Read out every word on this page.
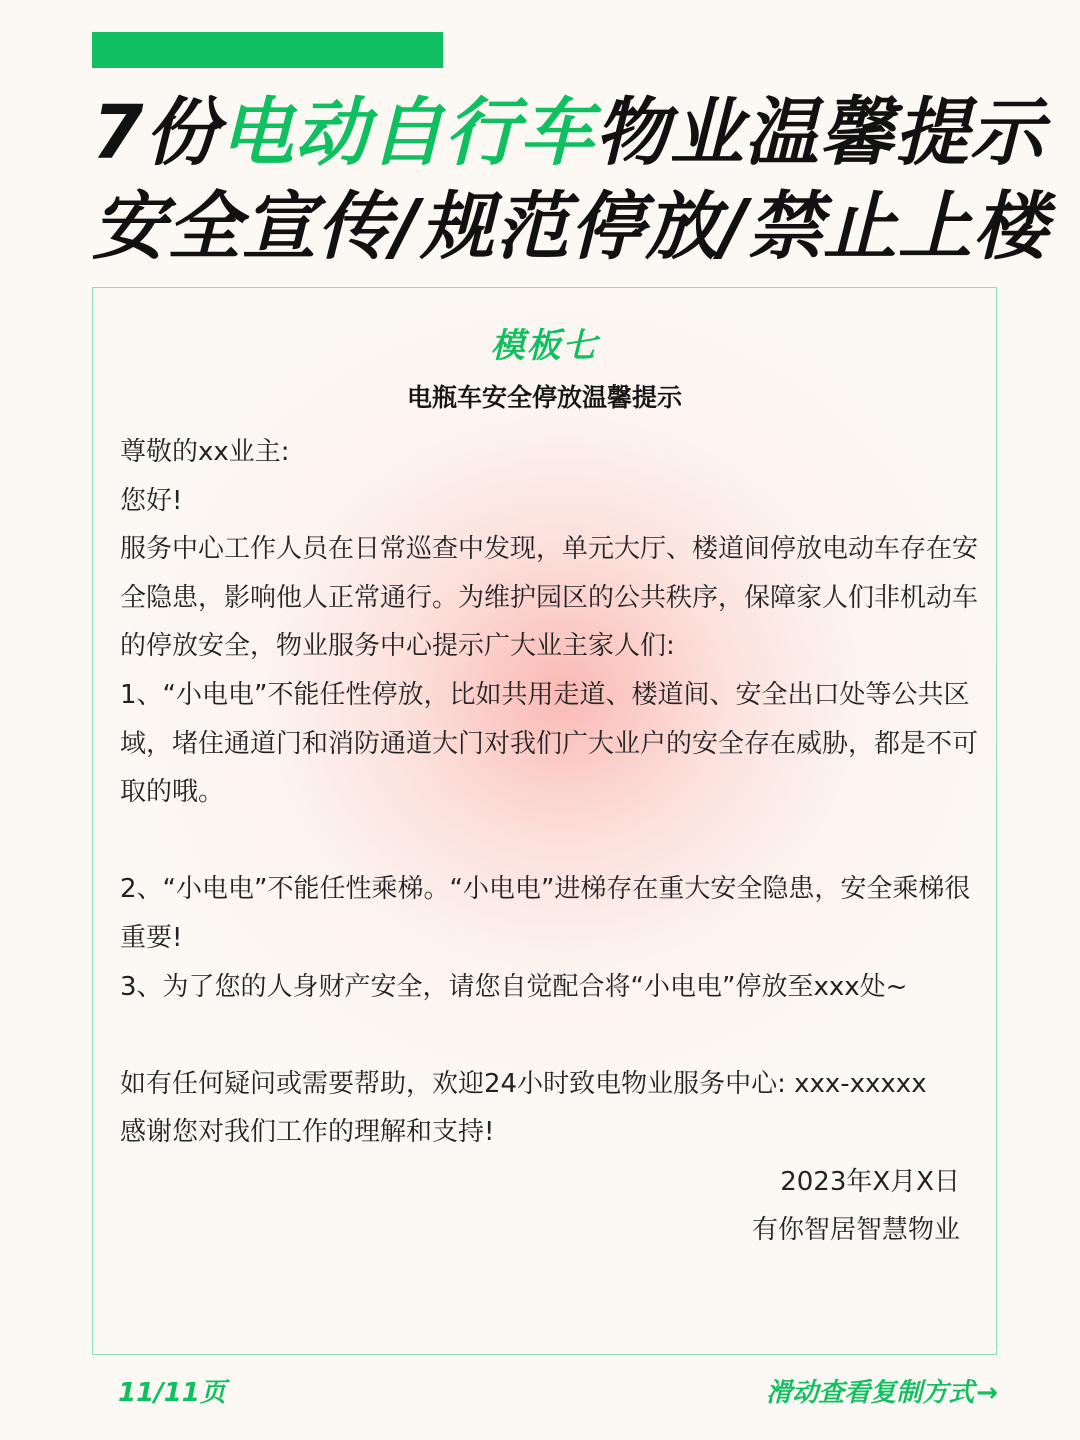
7份电动自行车物业温馨提示
安全宣传/规范停放/禁止上楼
模板七
电瓶车安全停放温馨提示

尊敬的xx业主:

您好!

服务中心工作人员在日常巡查中发现，单元大厅、楼道间停放电动车存在安全隐患，影响他人正常通行。为维护园区的公共秩序，保障家人们非机动车的停放安全，物业服务中心提示广大业主家人们:

1、“小电电”不能任性停放，比如共用走道、楼道间、安全出口处等公共区域，堵住通道门和消防通道大门对我们广大业户的安全存在威胁，都是不可取的哦。

2、“小电电”不能任性乘梯。“小电电”进梯存在重大安全隐患，安全乘梯很重要!

3、为了您的人身财产安全，请您自觉配合将“小电电”停放至xxx处~

如有任何疑问或需要帮助，欢迎24小时致电物业服务中心: xxx-xxxxx

感谢您对我们工作的理解和支持!

2023年X月X日
有你智居智慧物业
11/11页	滑动查看复制方式→
